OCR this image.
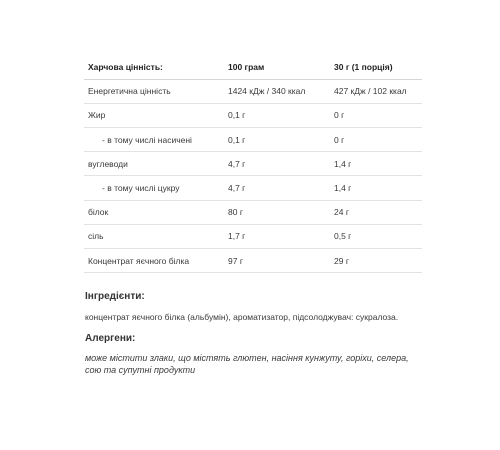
Харчова цінність:	100 грам	30 г (1 порція)
Енергетична цінність	1424 кДж / 340 ккал	427 кДж / 102 ккал
Жир	0,1 г	0 г
- в тому числі насичені	0,1 г	0 г
вуглеводи	4,7 г	1,4 г
- в тому числі цукру	4,7 г	1,4 г
білок	80 г	24 г
сіль	1,7 г	0,5 г
Концентрат яєчного білка	97 г	29 г
Інгредієнти:
концентрат яєчного білка (альбумін), ароматизатор, підсолоджувач: сукралоза.
Алергени:
може містити злаки, що містять глютен, насіння кунжуту, горіхи, селера, сою та супутні продукти
